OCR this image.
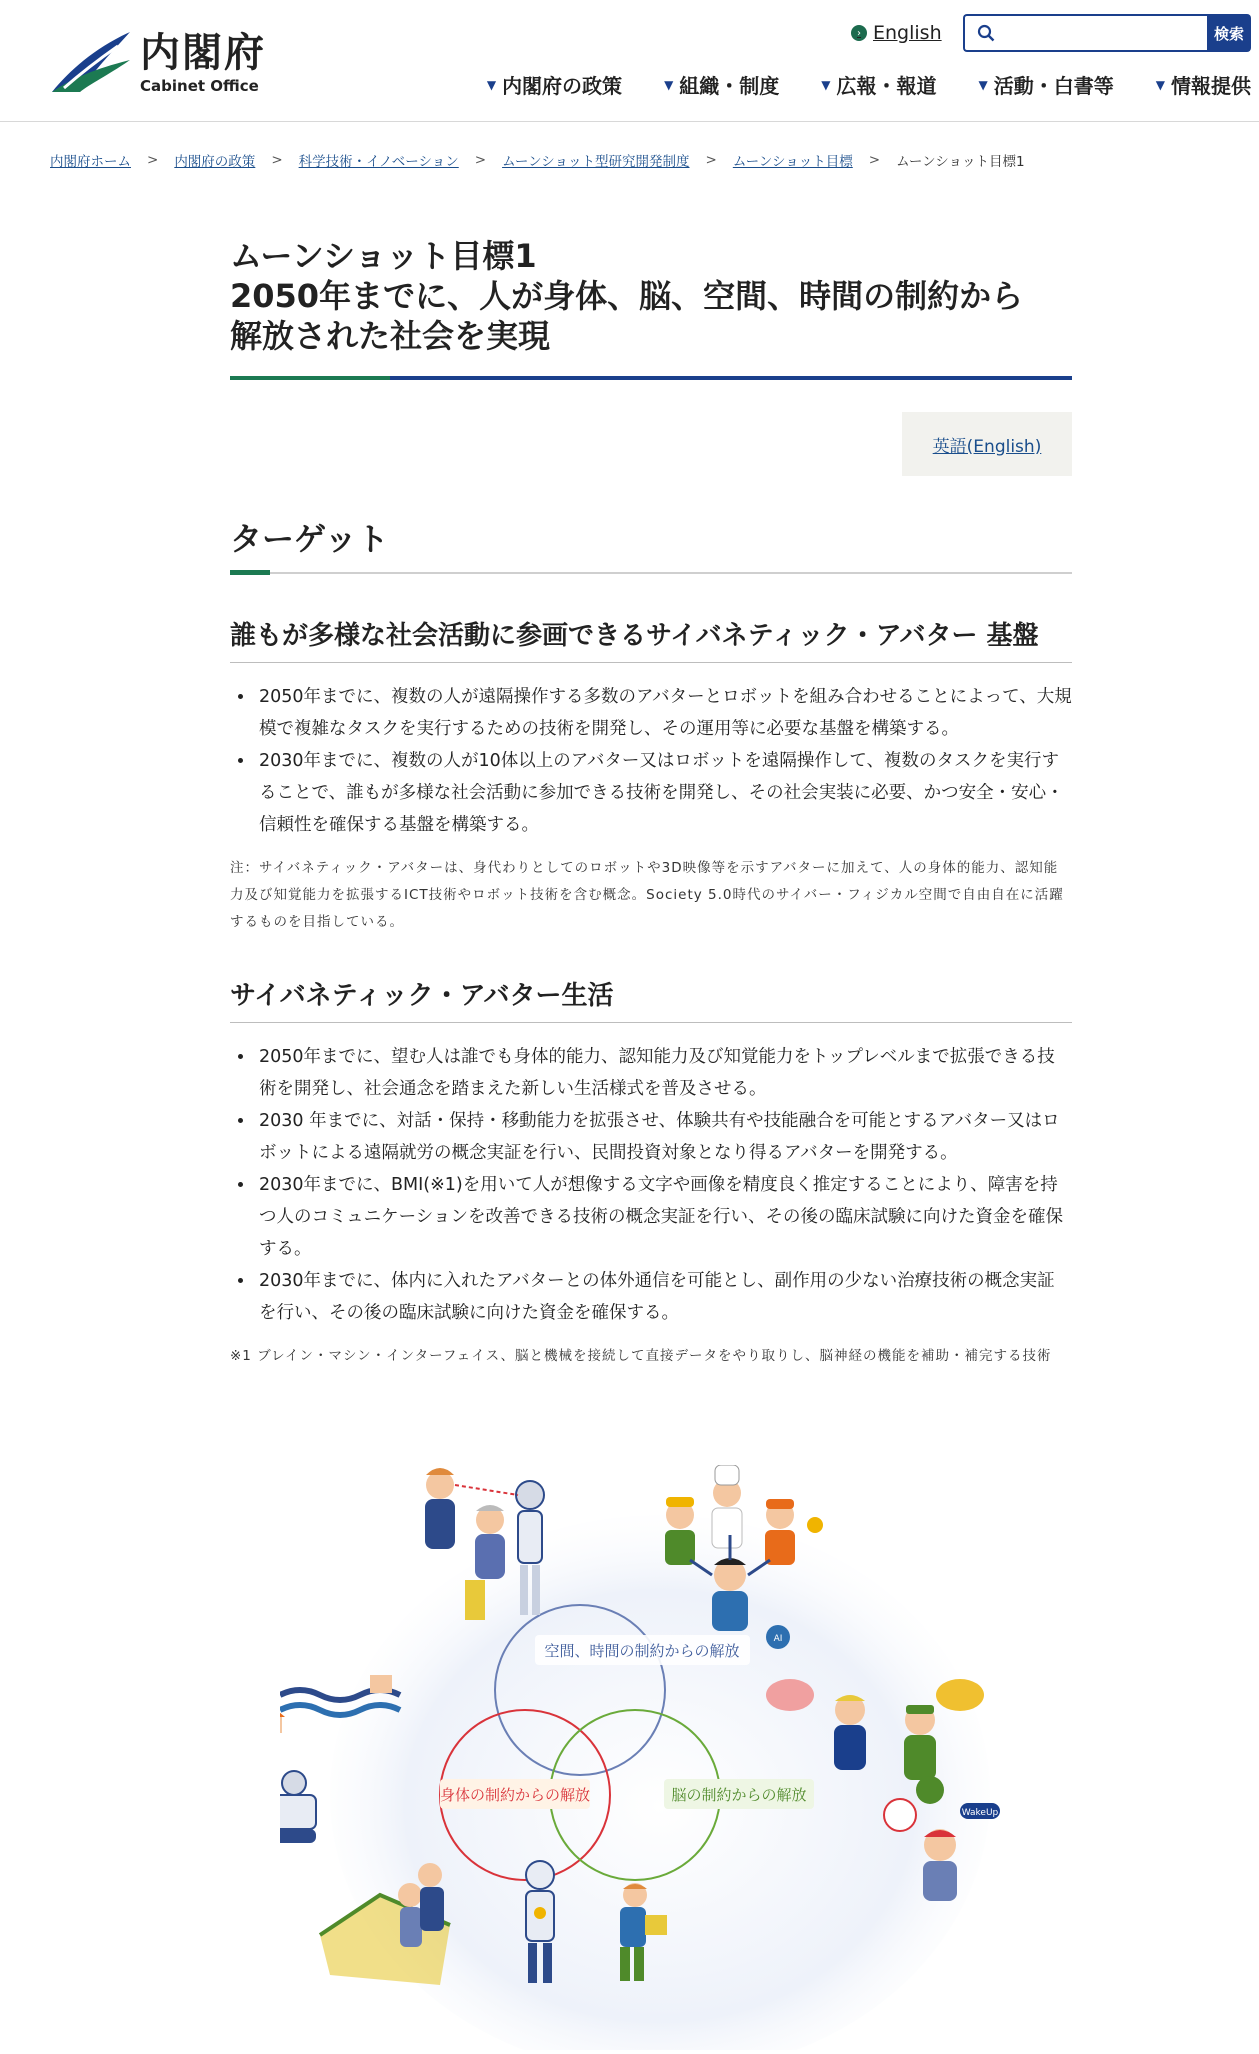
内閣府
Cabinet Office
› English	検索
▼ 内閣府の政策	▼ 組織・制度	▼ 広報・報道	▼ 活動・白書等	▼ 情報提供
内閣府ホーム > 内閣府の政策 > 科学技術・イノベーション > ムーンショット型研究開発制度 > ムーンショット目標 > ムーンショット目標1
ムーンショット目標1
2050年までに、人が身体、脳、空間、時間の制約から
解放された社会を実現
英語(English)
ターゲット
誰もが多様な社会活動に参画できるサイバネティック・アバター 基盤
• 2050年までに、複数の人が遠隔操作する多数のアバターとロボットを組み合わせることによって、大規模で複雑なタスクを実行するための技術を開発し、その運用等に必要な基盤を構築する。
• 2030年までに、複数の人が10体以上のアバター又はロボットを遠隔操作して、複数のタスクを実行することで、誰もが多様な社会活動に参加できる技術を開発し、その社会実装に必要、かつ安全・安心・信頼性を確保する基盤を構築する。
注：サイバネティック・アバターは、身代わりとしてのロボットや3D映像等を示すアバターに加えて、人の身体的能力、認知能力及び知覚能力を拡張するICT技術やロボット技術を含む概念。Society 5.0時代のサイバー・フィジカル空間で自由自在に活躍するものを目指している。
サイバネティック・アバター生活
• 2050年までに、望む人は誰でも身体的能力、認知能力及び知覚能力をトップレベルまで拡張できる技術を開発し、社会通念を踏まえた新しい生活様式を普及させる。
• 2030 年までに、対話・保持・移動能力を拡張させ、体験共有や技能融合を可能とするアバター又はロボットによる遠隔就労の概念実証を行い、民間投資対象となり得るアバターを開発する。
• 2030年までに、BMI(※1)を用いて人が想像する文字や画像を精度良く推定することにより、障害を持つ人のコミュニケーションを改善できる技術の概念実証を行い、その後の臨床試験に向けた資金を確保する。
• 2030年までに、体内に入れたアバターとの体外通信を可能とし、副作用の少ない治療技術の概念実証を行い、その後の臨床試験に向けた資金を確保する。
※1 ブレイン・マシン・インターフェイス、脳と機械を接続して直接データをやり取りし、脳神経の機能を補助・補完する技術
空間、時間の制約からの解放
身体の制約からの解放	脳の制約からの解放
AI
WakeUp
